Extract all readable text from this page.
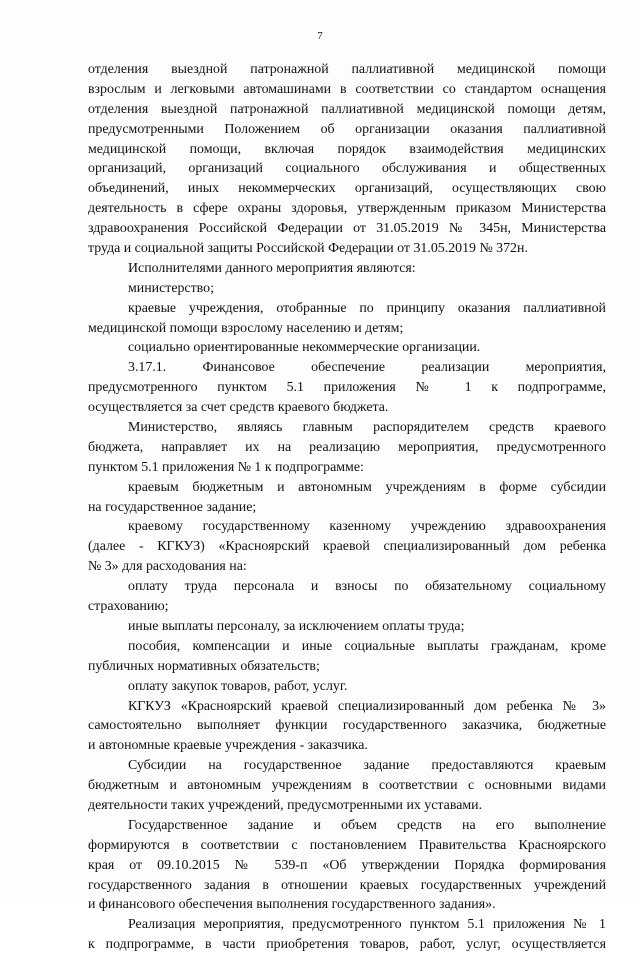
7
отделения выездной патронажной паллиативной медицинской помощи
взрослым и легковыми автомашинами в соответствии со стандартом оснащения
отделения выездной патронажной паллиативной медицинской помощи детям,
предусмотренными Положением об организации оказания паллиативной
медицинской помощи, включая порядок взаимодействия медицинских
организаций, организаций социального обслуживания и общественных
объединений, иных некоммерческих организаций, осуществляющих свою
деятельность в сфере охраны здоровья, утвержденным приказом Министерства
здравоохранения Российской Федерации от 31.05.2019 № 345н, Министерства
труда и социальной защиты Российской Федерации от 31.05.2019 № 372н.
Исполнителями данного мероприятия являются:
министерство;
краевые учреждения, отобранные по принципу оказания паллиативной
медицинской помощи взрослому населению и детям;
социально ориентированные некоммерческие организации.
3.17.1. Финансовое обеспечение реализации мероприятия,
предусмотренного пунктом 5.1 приложения № 1 к подпрограмме,
осуществляется за счет средств краевого бюджета.
Министерство, являясь главным распорядителем средств краевого
бюджета, направляет их на реализацию мероприятия, предусмотренного
пунктом 5.1 приложения № 1 к подпрограмме:
краевым бюджетным и автономным учреждениям в форме субсидии
на государственное задание;
краевому государственному казенному учреждению здравоохранения
(далее - КГКУЗ) «Красноярский краевой специализированный дом ребенка
№ 3» для расходования на:
оплату труда персонала и взносы по обязательному социальному
страхованию;
иные выплаты персоналу, за исключением оплаты труда;
пособия, компенсации и иные социальные выплаты гражданам, кроме
публичных нормативных обязательств;
оплату закупок товаров, работ, услуг.
КГКУЗ «Красноярский краевой специализированный дом ребенка № 3»
самостоятельно выполняет функции государственного заказчика, бюджетные
и автономные краевые учреждения - заказчика.
Субсидии на государственное задание предоставляются краевым
бюджетным и автономным учреждениям в соответствии с основными видами
деятельности таких учреждений, предусмотренными их уставами.
Государственное задание и объем средств на его выполнение
формируются в соответствии с постановлением Правительства Красноярского
края от 09.10.2015 № 539-п «Об утверждении Порядка формирования
государственного задания в отношении краевых государственных учреждений
и финансового обеспечения выполнения государственного задания».
Реализация мероприятия, предусмотренного пунктом 5.1 приложения № 1
к подпрограмме, в части приобретения товаров, работ, услуг, осуществляется
